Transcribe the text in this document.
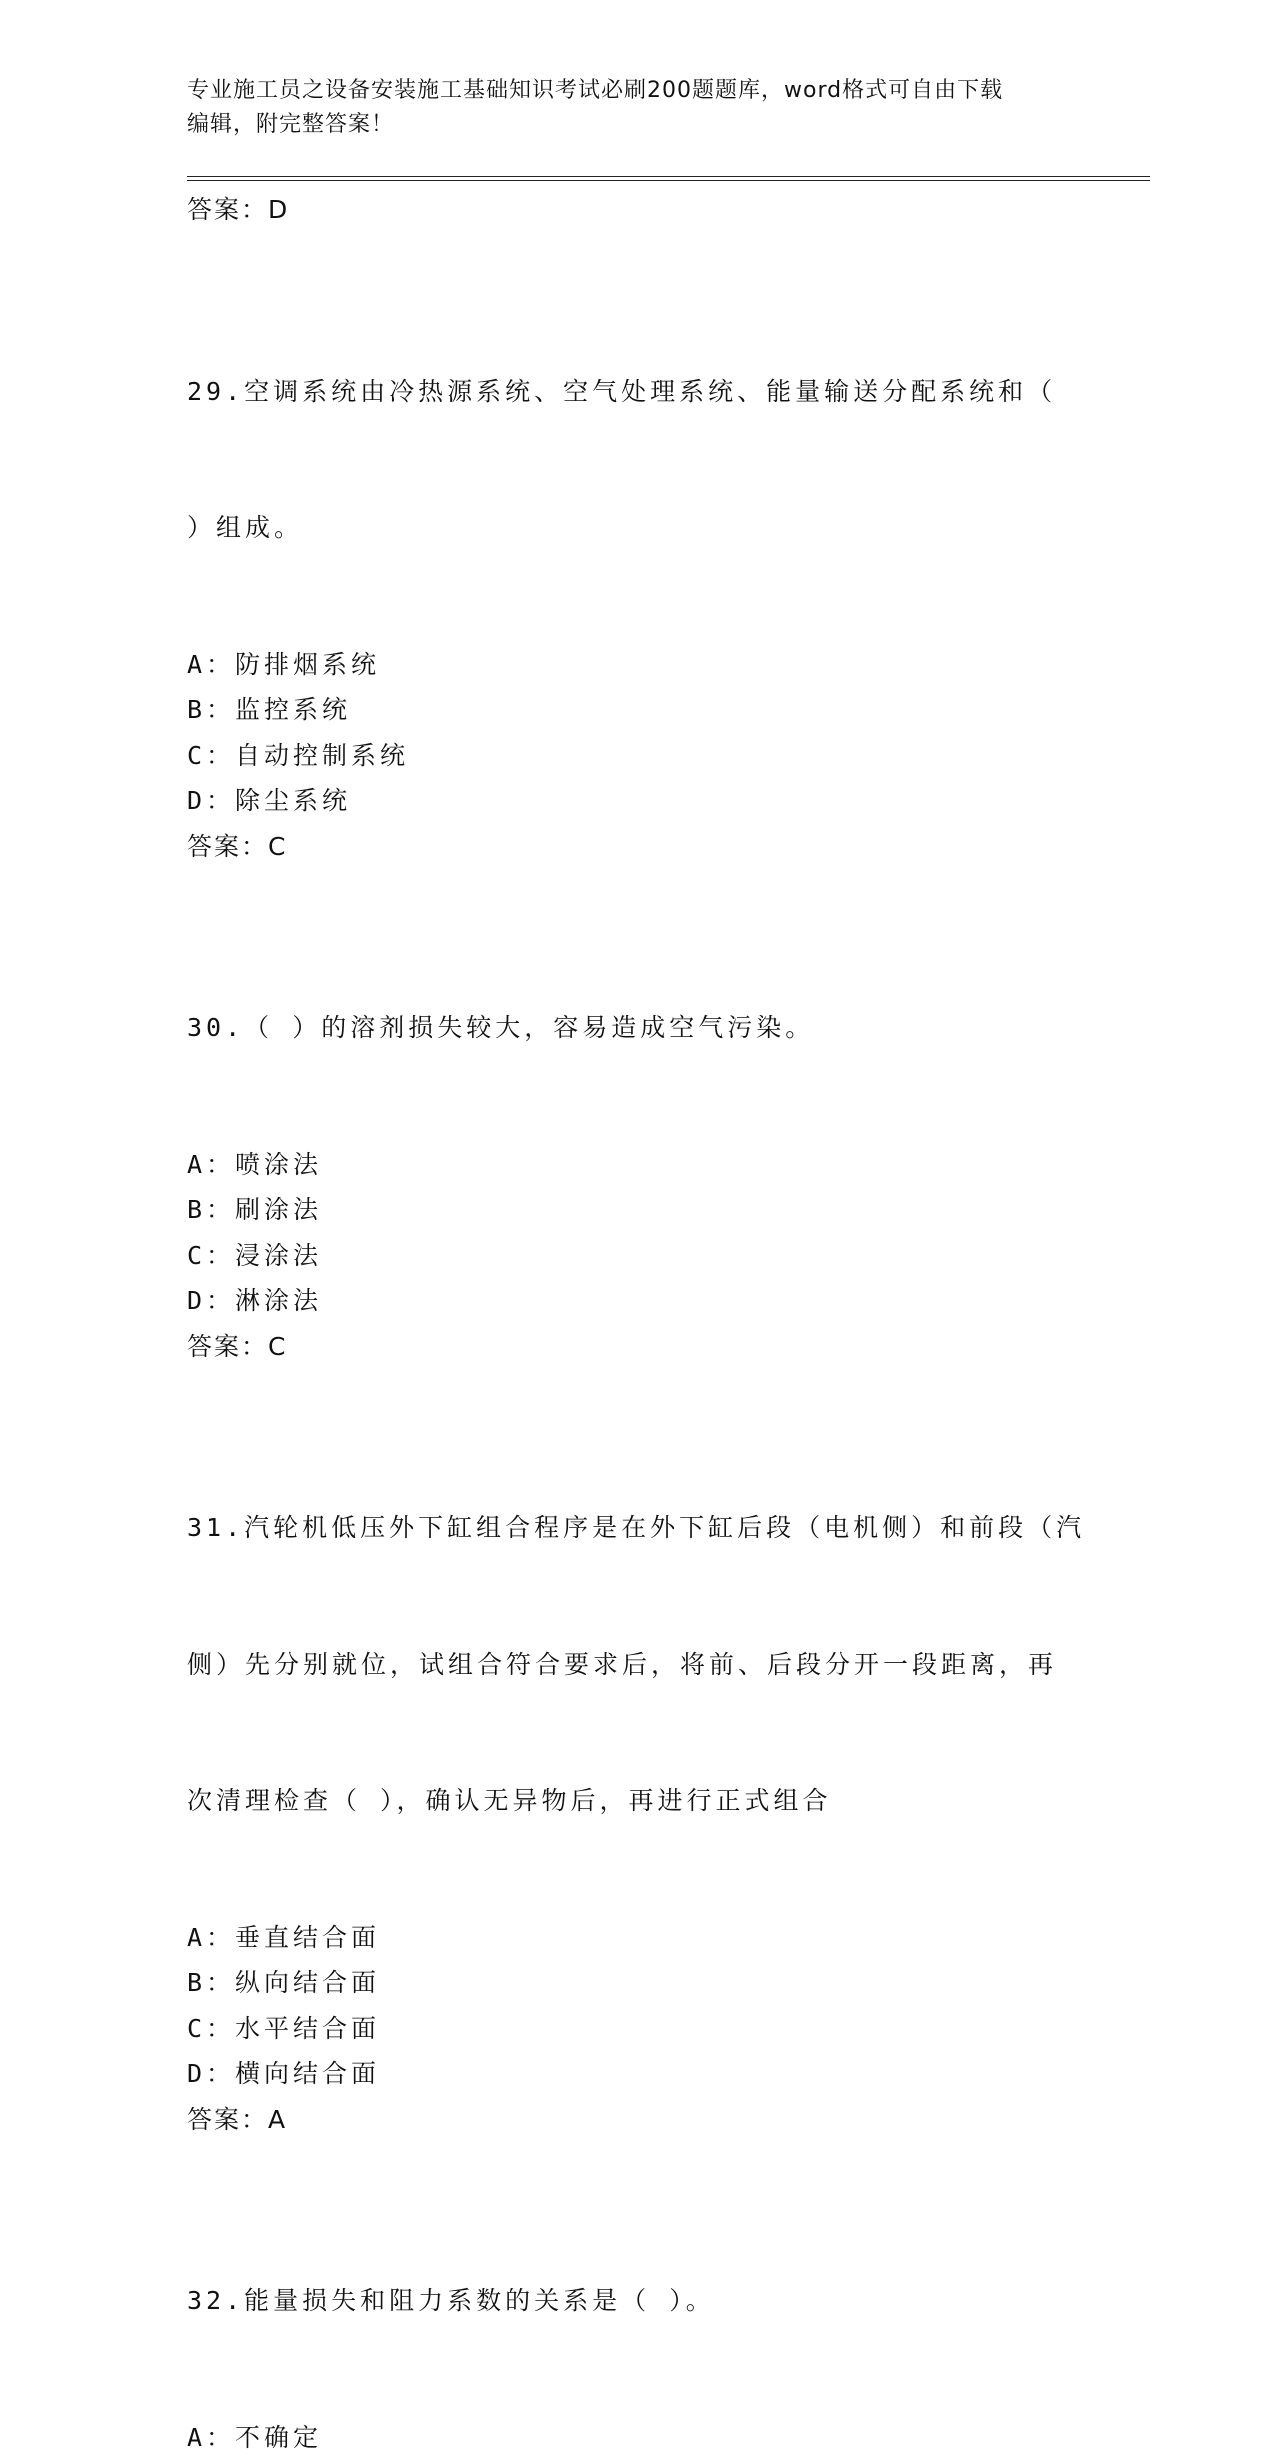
专业施工员之设备安装施工基础知识考试必刷200题题库，word格式可自由下载
编辑，附完整答案！
答案：D

29.空调系统由冷热源系统、空气处理系统、能量输送分配系统和（

）组成。

A：防排烟系统
B：监控系统
C：自动控制系统
D：除尘系统
答案：C

30.（ ）的溶剂损失较大，容易造成空气污染。

A：喷涂法
B：刷涂法
C：浸涂法
D：淋涂法
答案：C

31.汽轮机低压外下缸组合程序是在外下缸后段（电机侧）和前段（汽

侧）先分别就位，试组合符合要求后，将前、后段分开一段距离，再

次清理检查（ ），确认无异物后，再进行正式组合

A：垂直结合面
B：纵向结合面
C：水平结合面
D：横向结合面
答案：A

32.能量损失和阻力系数的关系是（ ）。

A：不确定
